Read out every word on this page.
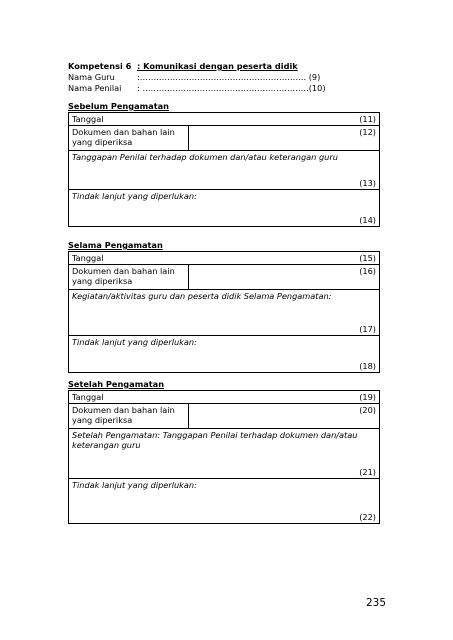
Kompetensi 6 : Komunikasi dengan peserta didik
Nama Guru	:……………………………………………………. (9)
Nama Penilai : …………………………………………………….(10)
Sebelum Pengamatan
Tanggal	(11)

Dokumen dan bahan lain
yang diperiksa	
(12)

Tanggapan Penilai terhadap dokumen dan/atau keterangan guru
(13)

Tindak lanjut yang diperlukan:
(14)
Selama Pengamatan
Tanggal	(15)

Dokumen dan bahan lain
yang diperiksa	
(16)

Kegiatan/aktivitas guru dan peserta didik Selama Pengamatan:
(17)

Tindak lanjut yang diperlukan:
(18)
Setelah Pengamatan
Tanggal	(19)

Dokumen dan bahan lain
yang diperiksa	
(20)

Setelah Pengamatan: Tanggapan Penilai terhadap dokumen dan/atau keterangan guru
(21)

Tindak lanjut yang diperlukan:
(22)
235
